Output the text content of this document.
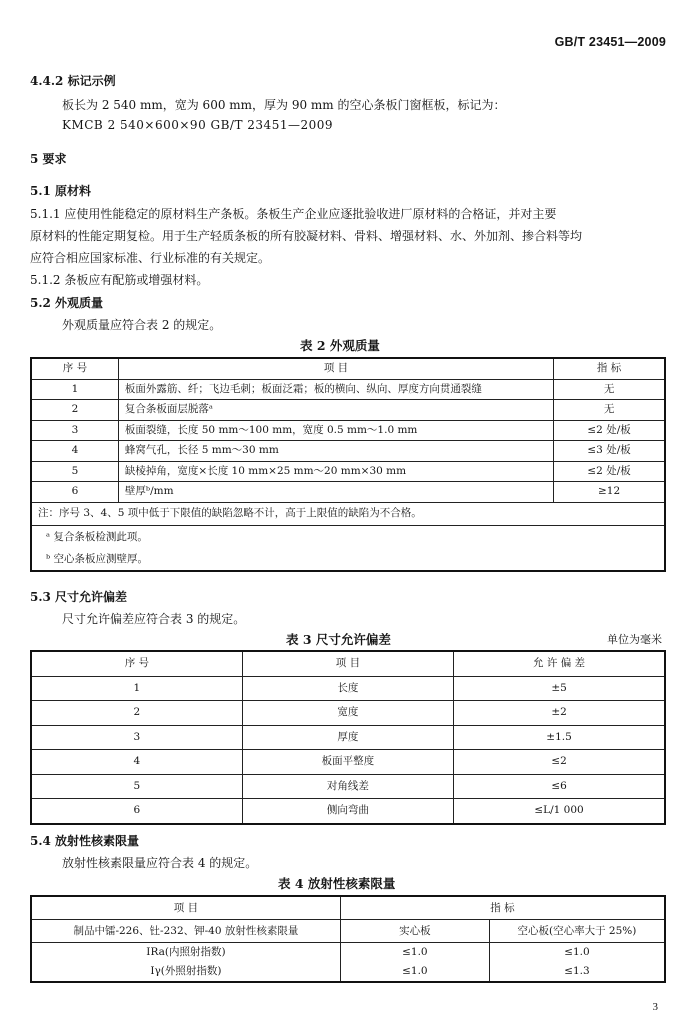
GB/T 23451—2009
4.4.2 标记示例
板长为 2 540 mm，宽为 600 mm，厚为 90 mm 的空心条板门窗框板，标记为：
KMCB 2 540×600×90 GB/T 23451—2009
5 要求
5.1 原材料
5.1.1 应使用性能稳定的原材料生产条板。条板生产企业应逐批验收进厂原材料的合格证，并对主要
原材料的性能定期复检。用于生产轻质条板的所有胶凝材料、骨料、增强材料、水、外加剂、掺合料等均
应符合相应国家标准、行业标准的有关规定。
5.1.2 条板应有配筋或增强材料。
5.2 外观质量
外观质量应符合表 2 的规定。
表 2 外观质量
序 号	项 目	指 标
1	板面外露筋、纤；飞边毛刺；板面泛霜；板的横向、纵向、厚度方向贯通裂缝	无
2	复合条板面层脱落ᵃ	无
3	板面裂缝，长度 50 mm～100 mm，宽度 0.5 mm～1.0 mm	≤2 处/板
4	蜂窝气孔，长径 5 mm～30 mm	≤3 处/板
5	缺棱掉角，宽度×长度 10 mm×25 mm～20 mm×30 mm	≤2 处/板
6	壁厚ᵇ/mm	≥12
注：序号 3、4、5 项中低于下限值的缺陷忽略不计，高于上限值的缺陷为不合格。		
ᵃ 复合条板检测此项。		
ᵇ 空心条板应测壁厚。		
5.3 尺寸允许偏差
尺寸允许偏差应符合表 3 的规定。
表 3 尺寸允许偏差	单位为毫米
序 号	项 目	允 许 偏 差
1	长度	±5
2	宽度	±2
3	厚度	±1.5
4	板面平整度	≤2
5	对角线差	≤6
6	侧向弯曲	≤L/1 000
5.4 放射性核素限量
放射性核素限量应符合表 4 的规定。
表 4 放射性核素限量
项 目	指 标	
制品中镭-226、钍-232、钾-40 放射性核素限量	实心板	空心板(空心率大于 25%)
IRa(内照射指数)	≤1.0	≤1.0
Iγ(外照射指数)	≤1.0	≤1.3
3
